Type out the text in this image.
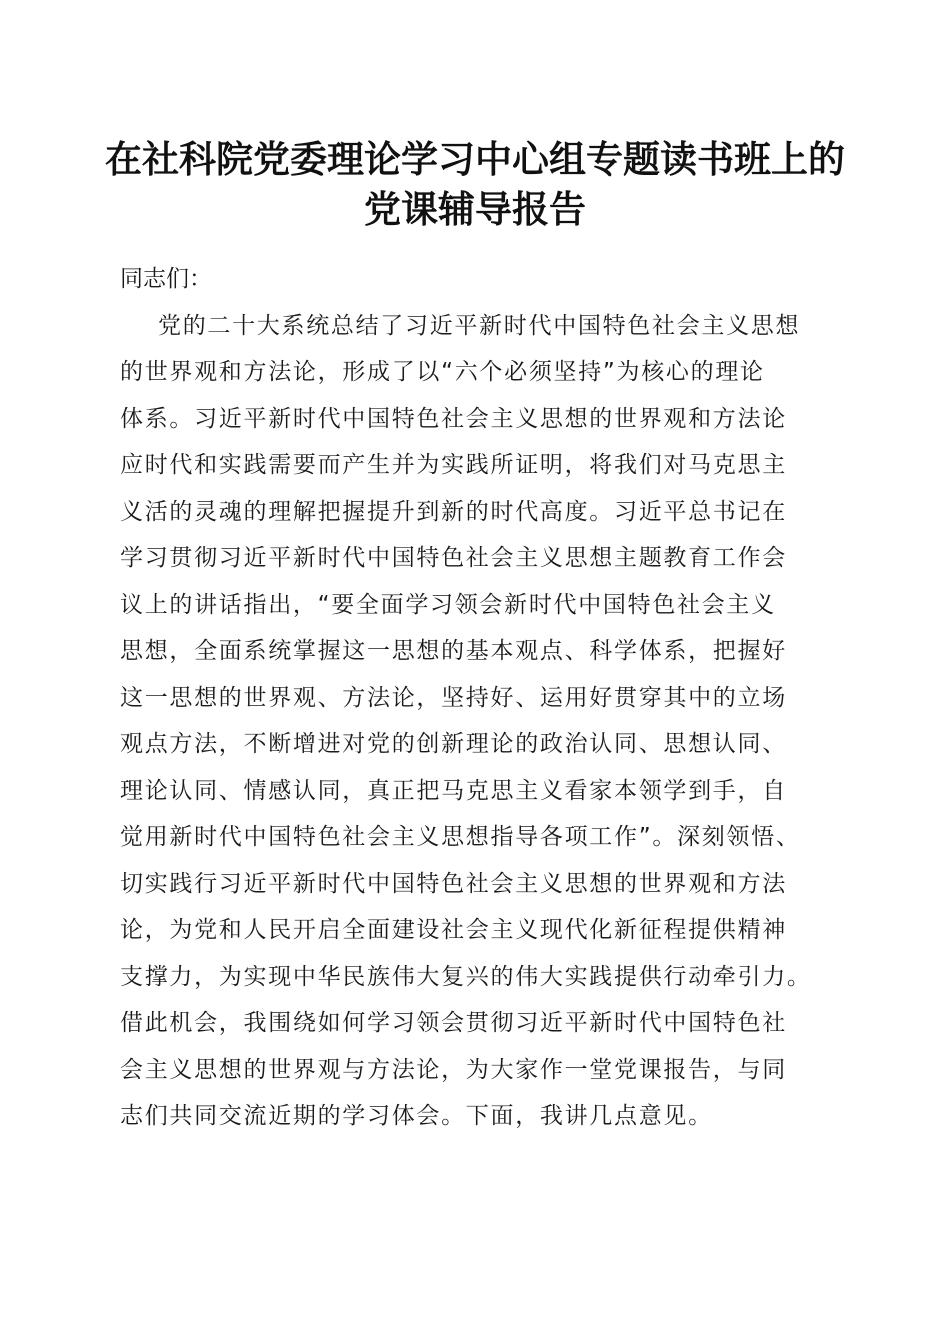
在社科院党委理论学习中心组专题读书班上的
党课辅导报告
同志们：
党的二十大系统总结了习近平新时代中国特色社会主义思想
的世界观和方法论，形成了以“六个必须坚持”为核心的理论
体系。习近平新时代中国特色社会主义思想的世界观和方法论
应时代和实践需要而产生并为实践所证明，将我们对马克思主
义活的灵魂的理解把握提升到新的时代高度。习近平总书记在
学习贯彻习近平新时代中国特色社会主义思想主题教育工作会
议上的讲话指出，“要全面学习领会新时代中国特色社会主义
思想，全面系统掌握这一思想的基本观点、科学体系，把握好
这一思想的世界观、方法论，坚持好、运用好贯穿其中的立场
观点方法，不断增进对党的创新理论的政治认同、思想认同、
理论认同、情感认同，真正把马克思主义看家本领学到手，自
觉用新时代中国特色社会主义思想指导各项工作”。深刻领悟、
切实践行习近平新时代中国特色社会主义思想的世界观和方法
论，为党和人民开启全面建设社会主义现代化新征程提供精神
支撑力，为实现中华民族伟大复兴的伟大实践提供行动牵引力。
借此机会，我围绕如何学习领会贯彻习近平新时代中国特色社
会主义思想的世界观与方法论，为大家作一堂党课报告，与同
志们共同交流近期的学习体会。下面，我讲几点意见。
